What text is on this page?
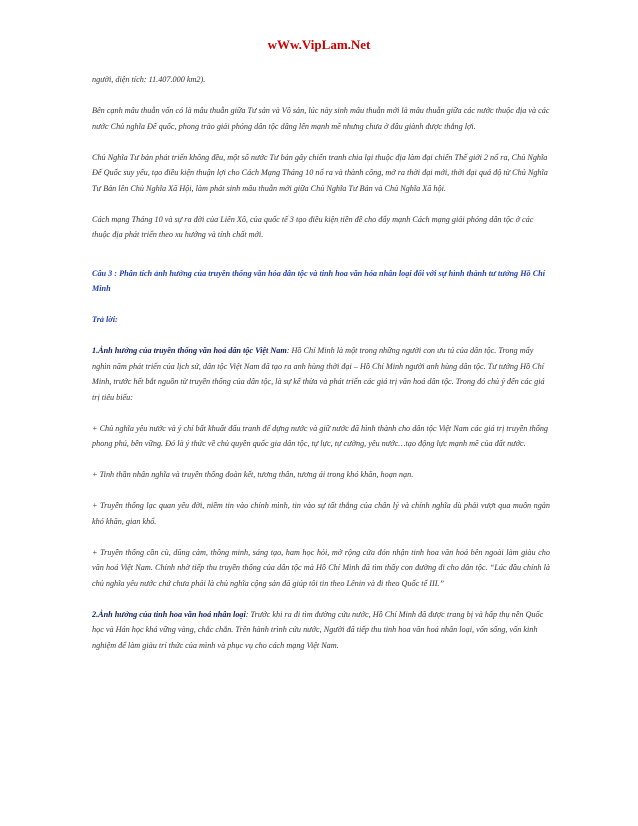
wWw.VipLam.Net

người, diện tích: 11.407.000 km2).

Bên cạnh mâu thuẫn vốn có là mâu thuẫn giữa Tư sản và Vô sản, lúc này sinh mâu thuẫn mới là mâu thuẫn giữa các nước thuộc địa và các nước Chủ nghĩa Đế quốc, phong trào giải phóng dân tộc dâng lên mạnh mẽ nhưng chưa ở đâu giành được thắng lợi.

Chủ Nghĩa Tư bản phát triển không đều, một số nước Tư bản gây chiến tranh chia lại thuộc địa làm đại chiến Thế giới 2 nổ ra, Chủ Nghĩa Đế Quốc suy yếu, tạo điều kiện thuận lợi cho Cách Mạng Tháng 10 nổ ra và thành công, mở ra thời đại mới, thời đại quá độ từ Chủ Nghĩa Tư Bản lên Chủ Nghĩa Xã Hội, làm phát sinh mâu thuẫn mới giữa Chủ Nghĩa Tư Bản và Chủ Nghĩa Xã hội.

Cách mạng Tháng 10 và sự ra đời của Liên Xô, của quốc tế 3 tạo điều kiện tiền đề cho đẩy mạnh Cách mạng giải phóng dân tộc ở các thuộc địa phát triển theo xu hướng và tính chất mới.

Câu 3 : Phân tích ảnh hưởng của truyền thống văn hóa dân tộc và tinh hoa văn hóa nhân loại đối với sự hình thành tư tưởng Hồ Chí Minh

Trả lời:

1.Ảnh hưởng của truyền thống văn hoá dân tộc Việt Nam: Hồ Chí Minh là một trong những người con ưu tú của dân tộc. Trong mấy nghìn năm phát triển của lịch sử, dân tộc Việt Nam đã tạo ra anh hùng thời đại – Hồ Chí Minh người anh hùng dân tộc. Tư tưởng Hồ Chí Minh, trước hết bắt nguồn từ truyền thống của dân tộc, là sự kế thừa và phát triển các giá trị văn hoá dân tộc. Trong đó chủ ý đến các giá trị tiêu biểu:

+ Chủ nghĩa yêu nước và ý chí bất khuất đấu tranh để dựng nước và giữ nước đã hình thành cho dân tộc Việt Nam các giá trị truyền thống phong phú, bền vững. Đó là ý thức về chủ quyền quốc gia dân tộc, tự lực, tự cường, yêu nước…tạo động lực mạnh mẽ của đất nước.

+ Tinh thần nhân nghĩa và truyền thống đoàn kết, tương thân, tương ái trong khó khăn, hoạn nạn.

+ Truyền thống lạc quan yêu đời, niềm tin vào chính mình, tin vào sự tất thắng của chân lý và chính nghĩa dù phải vượt qua muôn ngàn khó khăn, gian khổ.

+ Truyền thống cần cù, dũng cảm, thông minh, sáng tạo, ham học hỏi, mở rộng cửa đón nhận tinh hoa văn hoá bên ngoài làm giàu cho văn hoá Việt Nam. Chính nhờ tiếp thu truyền thống của dân tộc mà Hồ Chí Minh đã tìm thấy con đường đi cho dân tộc. “Lúc đầu chính là chủ nghĩa yêu nước chứ chưa phải là chủ nghĩa cộng sản đã giúp tôi tin theo Lênin và đi theo Quốc tế III.”

2.Ảnh hưởng của tinh hoa văn hoá nhân loại: Trước khi ra đi tìm đường cứu nước, Hồ Chí Minh đã được trang bị và hấp thụ nền Quốc học và Hán học khá vững vàng, chắc chắn. Trên hành trình cứu nước, Người đã tiếp thu tinh hoa văn hoá nhân loại, vốn sống, vốn kinh nghiệm để làm giàu trí thức của mình và phục vụ cho cách mạng Việt Nam.
